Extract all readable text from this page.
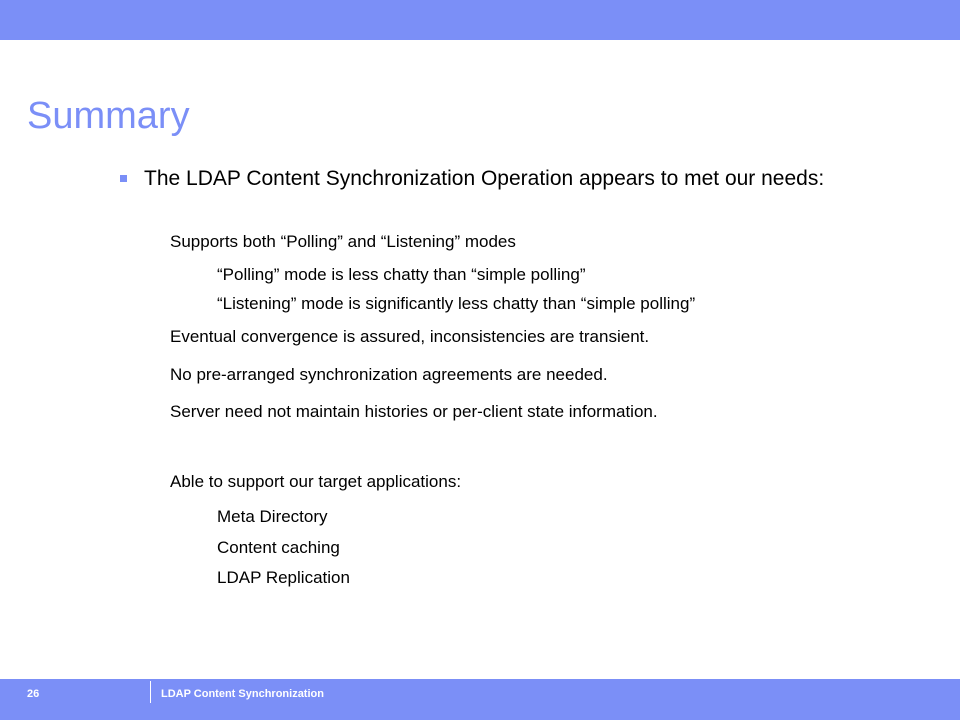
Summary
The LDAP Content Synchronization Operation appears to met our needs:
Supports both “Polling” and “Listening” modes
“Polling” mode is less chatty than “simple polling”
“Listening” mode is significantly less chatty than “simple polling”
Eventual convergence is assured, inconsistencies are transient.
No pre-arranged synchronization agreements are needed.
Server need not maintain histories or per-client state information.
Able to support our target applications:
Meta Directory
Content caching
LDAP Replication
26	LDAP Content Synchronization
